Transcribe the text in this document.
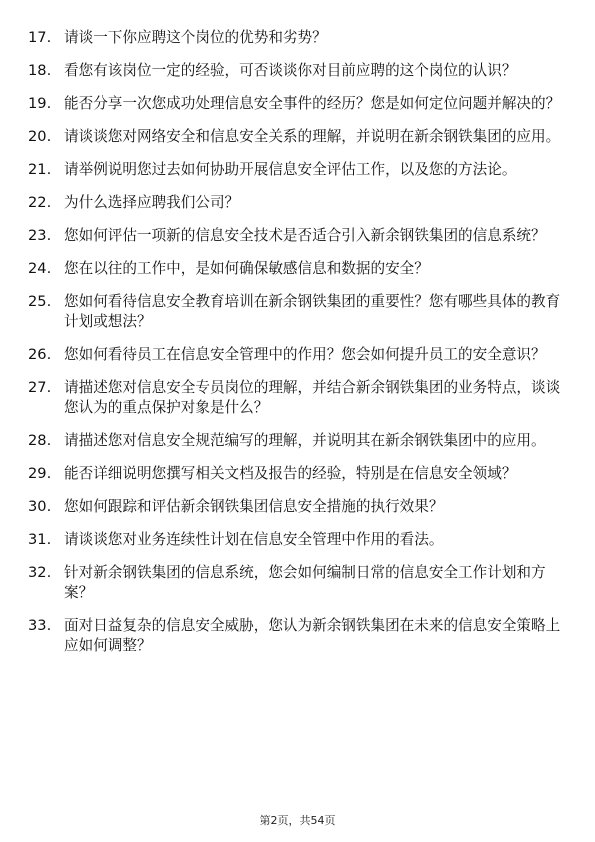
17. 请谈一下你应聘这个岗位的优势和劣势？
18. 看您有该岗位一定的经验，可否谈谈你对目前应聘的这个岗位的认识？
19. 能否分享一次您成功处理信息安全事件的经历？您是如何定位问题并解决的？
20. 请谈谈您对网络安全和信息安全关系的理解，并说明在新余钢铁集团的应用。
21. 请举例说明您过去如何协助开展信息安全评估工作，以及您的方法论。
22. 为什么选择应聘我们公司？
23. 您如何评估一项新的信息安全技术是否适合引入新余钢铁集团的信息系统？
24. 您在以往的工作中，是如何确保敏感信息和数据的安全？
25. 您如何看待信息安全教育培训在新余钢铁集团的重要性？您有哪些具体的教育计划或想法？
26. 您如何看待员工在信息安全管理中的作用？您会如何提升员工的安全意识？
27. 请描述您对信息安全专员岗位的理解，并结合新余钢铁集团的业务特点，谈谈您认为的重点保护对象是什么？
28. 请描述您对信息安全规范编写的理解，并说明其在新余钢铁集团中的应用。
29. 能否详细说明您撰写相关文档及报告的经验，特别是在信息安全领域？
30. 您如何跟踪和评估新余钢铁集团信息安全措施的执行效果？
31. 请谈谈您对业务连续性计划在信息安全管理中作用的看法。
32. 针对新余钢铁集团的信息系统，您会如何编制日常的信息安全工作计划和方案？
33. 面对日益复杂的信息安全威胁，您认为新余钢铁集团在未来的信息安全策略上应如何调整？
第2页，共54页
